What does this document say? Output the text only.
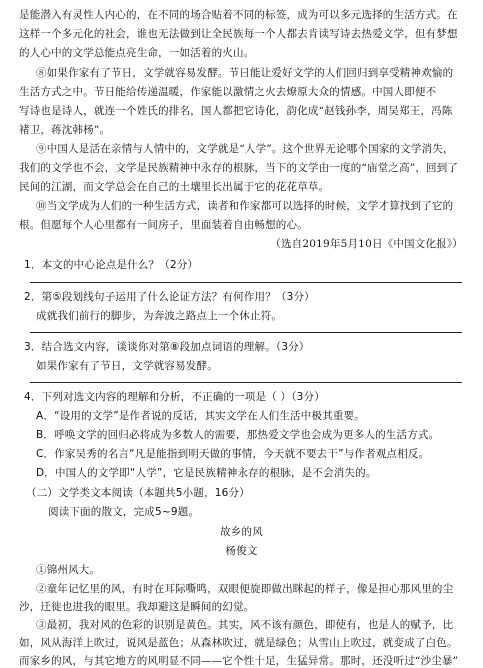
是能潜入有灵性人内心的，在不同的场合贴着不同的标签，成为可以多元选择的生活方式。在
这样一个多元化的社会，谁也无法做到让全民族每一个人都去肯读写诗去热爱文学，但有梦想
的人心中的文学总能点亮生命，一如活着的火山。
⑧如果作家有了节日，文学就容易发酵。节日能让爱好文学的人们回归到享受精神欢愉的
生活方式之中。节日能给传递温暖，作家能以激情之火去燎原大众的情感。中国人即便不
写诗也是诗人，就连一个姓氏的排名，国人都把它诗化，韵化成“赵钱孙李，周吴郑王，冯陈
褚卫，蒋沈韩杨”。
⑨中国人是活在亲情与人情中的，文学就是“人学”。这个世界无论哪个国家的文学消失，
我们的文学也不会，文学是民族精神中永存的根脉，当下的文学由一度的“庙堂之高”，回到了
民间的江湖，而文学总会在自己的土壤里长出属于它的花花草草。
⑩当文学成为人们的一种生活方式，读者和作家都可以选择的时候，文学才算找到了它的
根。但愿每个人心里都有一间房子，里面装着自由畅想的心。
（选自2019年5月10日《中国文化报》）
1．本文的中心论点是什么？（2分）
2．第⑤段划线句子运用了什么论证方法？有何作用？（3分）
成就我们前行的脚步，为奔波之路点上一个休止符。
3．结合选文内容，谈谈你对第⑧段加点词语的理解。（3分）
如果作家有了节日，文学就容易发酵。
4．下列对选文内容的理解和分析，不正确的一项是（ ）（3分）
A．“设用的文学”是作者说的反话，其实文学在人们生活中极其重要。
B．呼唤文学的回归必将成为多数人的需要，那热爱文学也会成为更多人的生活方式。
C．作家吴秀的名言“凡是能指到明天做的事情，今天就不要去干”与作者观点相反。
D．中国人的文学即“人学”，它是民族精神永存的根脉，是不会消失的。
（二）文学类文本阅读（本题共5小题，16分）
阅读下面的散文，完成5~9题。
故乡的风
杨俊文
①锦州风大。
②童年记忆里的风，有时在耳际嘶鸣，双眼便旋即做出眯起的样子，像是担心那风里的尘
沙，迁徙也进我的眼里。我却避这是瞬间的幻觉。
③最初，我对风的色彩的识别是黄色。其实，风不该有颜色，即使有，也是人的赋予，比
如，风从海洋上吹过，说风是蓝色；从森林吹过，就是绿色；从雪山上吹过，就变成了白色。
而家乡的风，与其它地方的风明显不同——它个性十足，生猛异常。那时，还没听过“沙尘暴”
